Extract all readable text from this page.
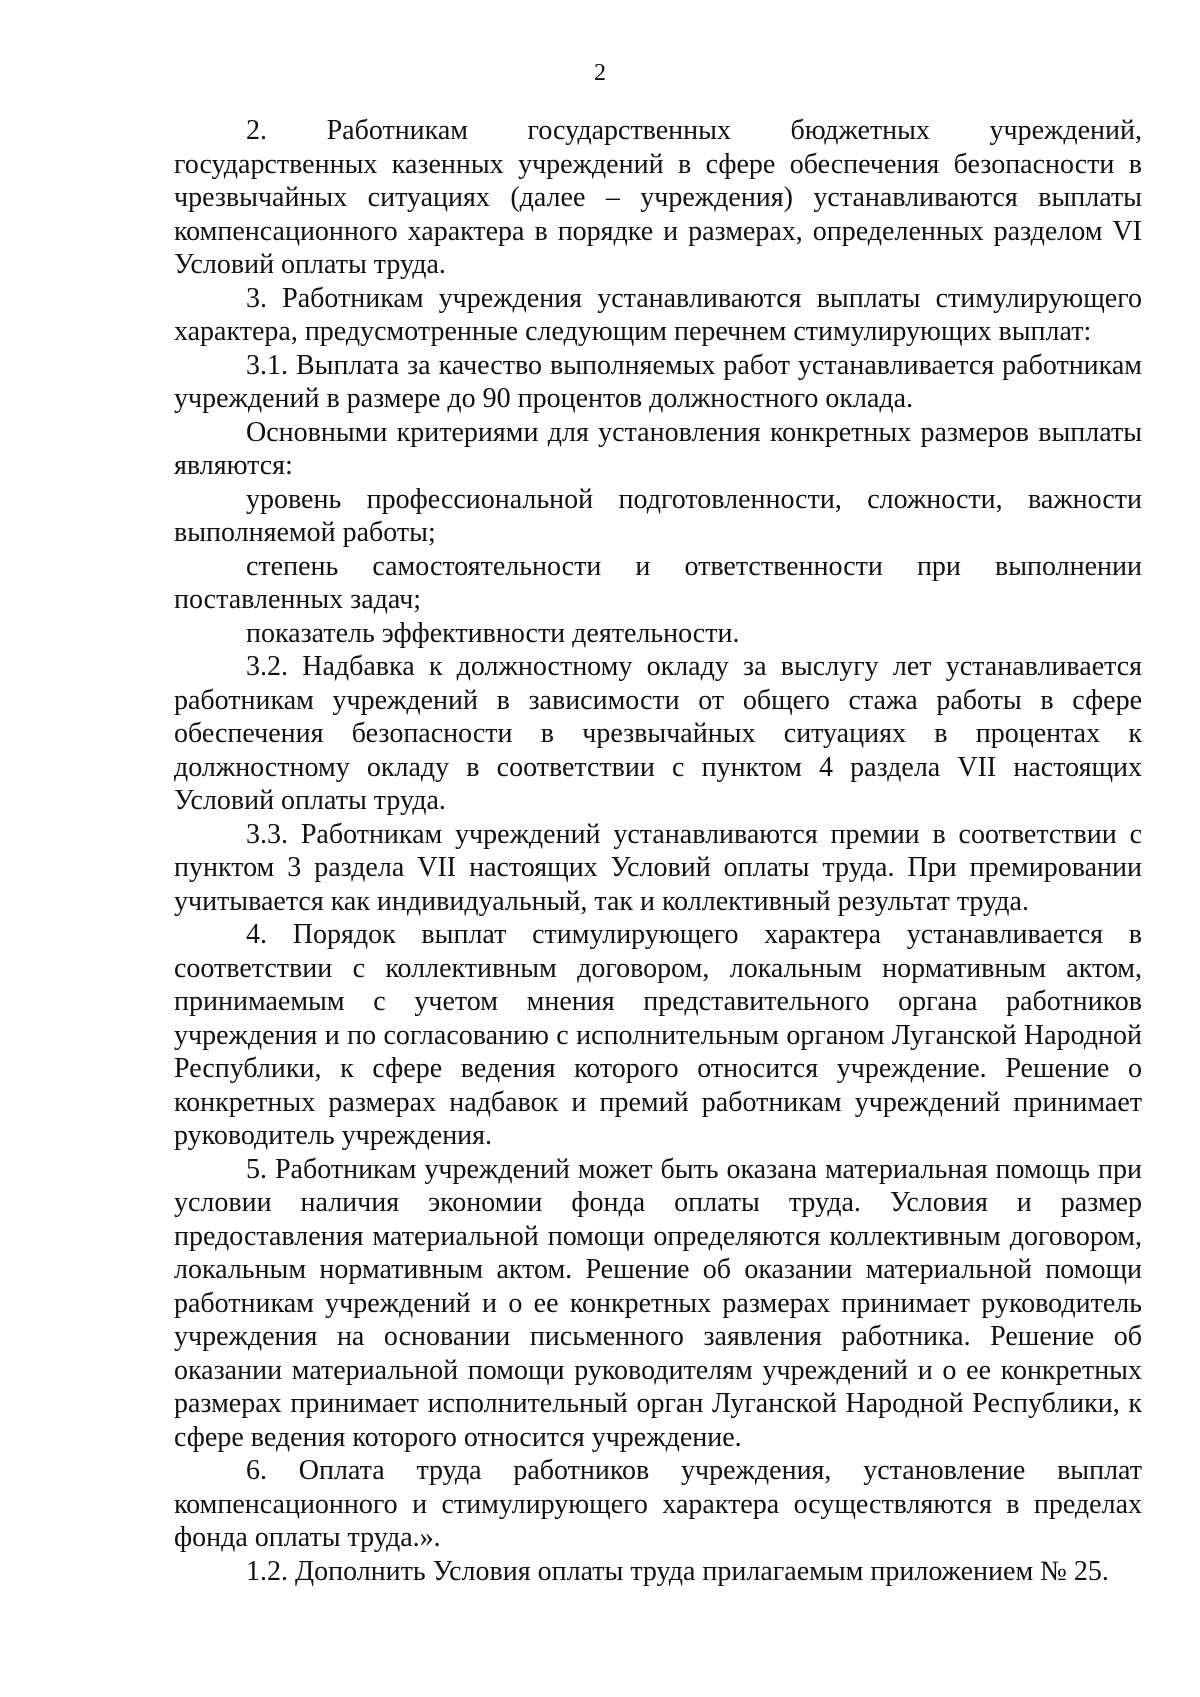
2

2. Работникам государственных бюджетных учреждений, государственных казенных учреждений в сфере обеспечения безопасности в чрезвычайных ситуациях (далее – учреждения) устанавливаются выплаты компенсационного характера в порядке и размерах, определенных разделом VI Условий оплаты труда.

3. Работникам учреждения устанавливаются выплаты стимулирующего характера, предусмотренные следующим перечнем стимулирующих выплат:

3.1. Выплата за качество выполняемых работ устанавливается работникам учреждений в размере до 90 процентов должностного оклада.

Основными критериями для установления конкретных размеров выплаты являются:

уровень профессиональной подготовленности, сложности, важности выполняемой работы;

степень самостоятельности и ответственности при выполнении поставленных задач;

показатель эффективности деятельности.

3.2. Надбавка к должностному окладу за выслугу лет устанавливается работникам учреждений в зависимости от общего стажа работы в сфере обеспечения безопасности в чрезвычайных ситуациях в процентах к должностному окладу в соответствии с пунктом 4 раздела VII настоящих Условий оплаты труда.

3.3. Работникам учреждений устанавливаются премии в соответствии с пунктом 3 раздела VII настоящих Условий оплаты труда. При премировании учитывается как индивидуальный, так и коллективный результат труда.

4. Порядок выплат стимулирующего характера устанавливается в соответствии с коллективным договором, локальным нормативным актом, принимаемым с учетом мнения представительного органа работников учреждения и по согласованию с исполнительным органом Луганской Народной Республики, к сфере ведения которого относится учреждение. Решение о конкретных размерах надбавок и премий работникам учреждений принимает руководитель учреждения.

5. Работникам учреждений может быть оказана материальная помощь при условии наличия экономии фонда оплаты труда. Условия и размер предоставления материальной помощи определяются коллективным договором, локальным нормативным актом. Решение об оказании материальной помощи работникам учреждений и о ее конкретных размерах принимает руководитель учреждения на основании письменного заявления работника. Решение об оказании материальной помощи руководителям учреждений и о ее конкретных размерах принимает исполнительный орган Луганской Народной Республики, к сфере ведения которого относится учреждение.

6. Оплата труда работников учреждения, установление выплат компенсационного и стимулирующего характера осуществляются в пределах фонда оплаты труда.».

1.2. Дополнить Условия оплаты труда прилагаемым приложением № 25.
